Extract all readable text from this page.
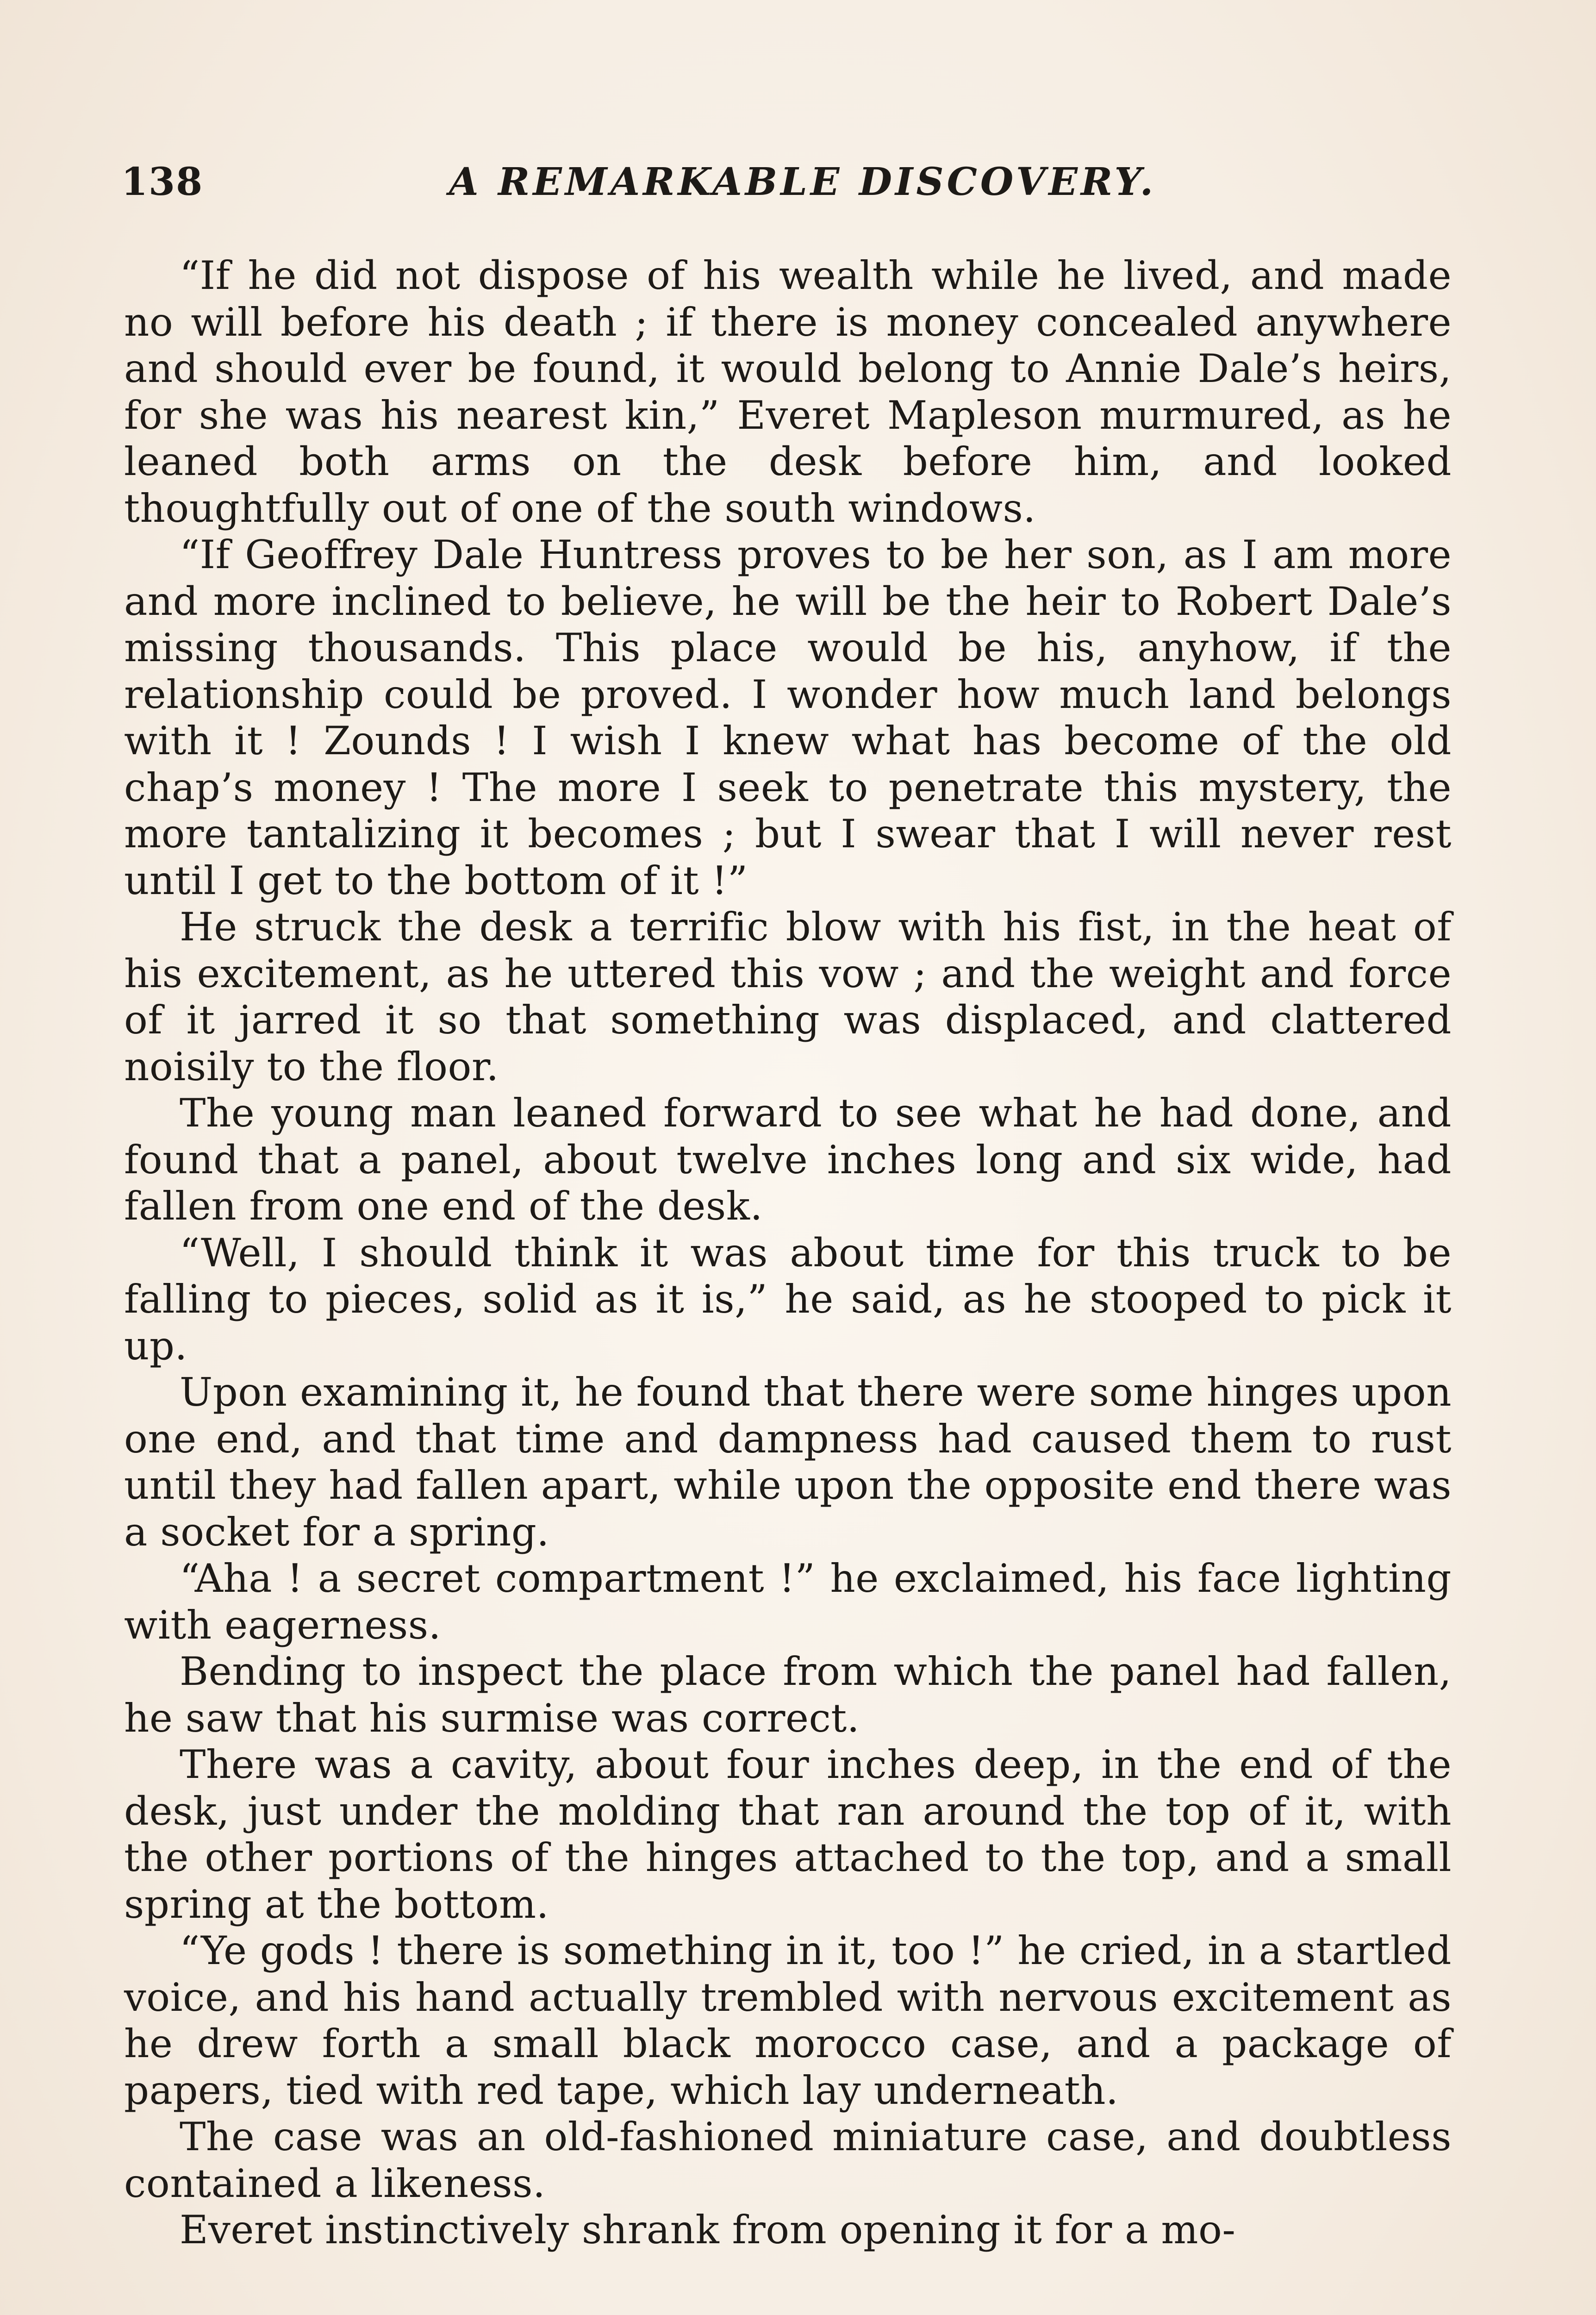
138	A REMARKABLE DISCOVERY.

“If he did not dispose of his wealth while he lived, and made no will before his death ; if there is money concealed anywhere and should ever be found, it would belong to Annie Dale’s heirs, for she was his nearest kin,” Everet Mapleson murmured, as he leaned both arms on the desk before him, and looked thoughtfully out of one of the south windows.

“If Geoffrey Dale Huntress proves to be her son, as I am more and more inclined to believe, he will be the heir to Robert Dale’s missing thousands. This place would be his, anyhow, if the relationship could be proved. I wonder how much land belongs with it ! Zounds ! I wish I knew what has become of the old chap’s money ! The more I seek to penetrate this mystery, the more tantalizing it becomes ; but I swear that I will never rest until I get to the bottom of it !”

He struck the desk a terrific blow with his fist, in the heat of his excitement, as he uttered this vow ; and the weight and force of it jarred it so that something was displaced, and clattered noisily to the floor.

The young man leaned forward to see what he had done, and found that a panel, about twelve inches long and six wide, had fallen from one end of the desk.

“Well, I should think it was about time for this truck to be falling to pieces, solid as it is,” he said, as he stooped to pick it up.

Upon examining it, he found that there were some hinges upon one end, and that time and dampness had caused them to rust until they had fallen apart, while upon the opposite end there was a socket for a spring.

“Aha ! a secret compartment !” he exclaimed, his face lighting with eagerness.

Bending to inspect the place from which the panel had fallen, he saw that his surmise was correct.

There was a cavity, about four inches deep, in the end of the desk, just under the molding that ran around the top of it, with the other portions of the hinges attached to the top, and a small spring at the bottom.

“Ye gods ! there is something in it, too !” he cried, in a startled voice, and his hand actually trembled with nervous excitement as he drew forth a small black morocco case, and a package of papers, tied with red tape, which lay underneath.

The case was an old-fashioned miniature case, and doubtless contained a likeness.

Everet instinctively shrank from opening it for a mo-
